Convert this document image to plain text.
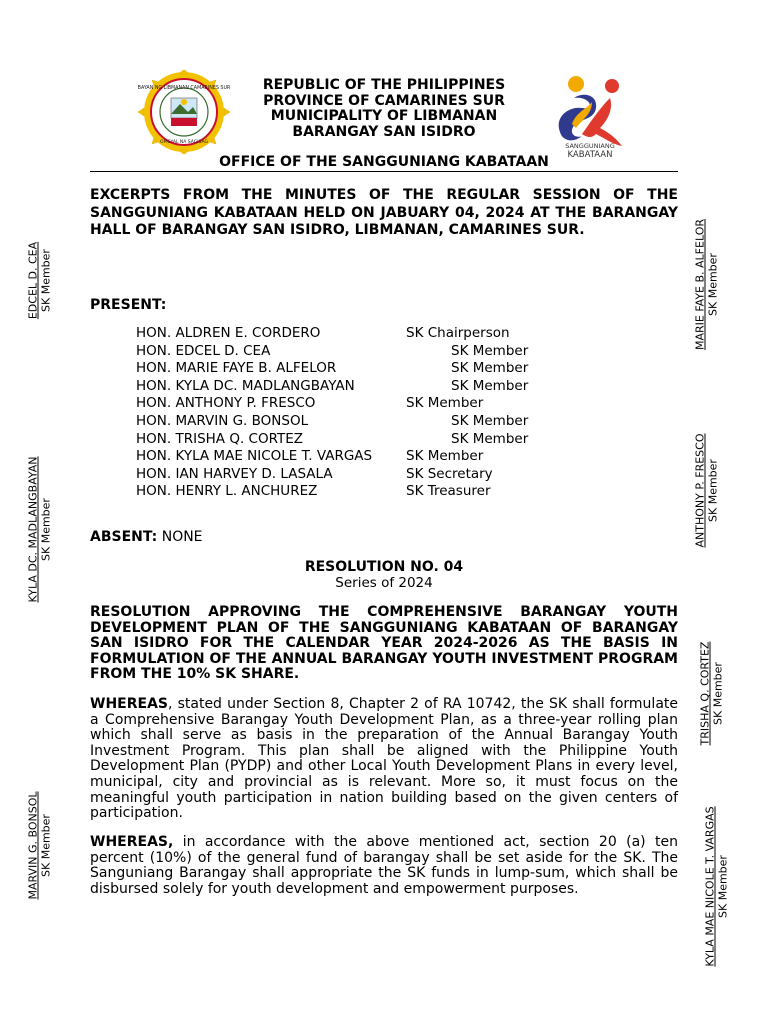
BAYAN NG LIBMANAN CAMARINES SUR
OPISYAL NA SAGISAG
REPUBLIC OF THE PHILIPPINES
PROVINCE OF CAMARINES SUR
MUNICIPALITY OF LIBMANAN
BARANGAY SAN ISIDRO
SANGGUNIANG
KABATAAN
OFFICE OF THE SANGGUNIANG KABATAAN
EXCERPTS FROM THE MINUTES OF THE REGULAR SESSION OF THE SANGGUNIANG KABATAAN HELD ON JABUARY 04, 2024 AT THE BARANGAY HALL OF BARANGAY SAN ISIDRO, LIBMANAN, CAMARINES SUR.
PRESENT:
HON. ALDREN E. CORDERO	SK Chairperson
HON. EDCEL D. CEA	SK Member
HON. MARIE FAYE B. ALFELOR	SK Member
HON. KYLA DC. MADLANGBAYAN	SK Member
HON. ANTHONY P. FRESCO	SK Member
HON. MARVIN G. BONSOL	SK Member
HON. TRISHA Q. CORTEZ	SK Member
HON. KYLA MAE NICOLE T. VARGAS	SK Member
HON. IAN HARVEY D. LASALA	SK Secretary
HON. HENRY L. ANCHUREZ	SK Treasurer
ABSENT: NONE
RESOLUTION NO. 04
Series of 2024
RESOLUTION APPROVING THE COMPREHENSIVE BARANGAY YOUTH DEVELOPMENT PLAN OF THE SANGGUNIANG KABATAAN OF BARANGAY SAN ISIDRO FOR THE CALENDAR YEAR 2024-2026 AS THE BASIS IN FORMULATION OF THE ANNUAL BARANGAY YOUTH INVESTMENT PROGRAM FROM THE 10% SK SHARE.
WHEREAS, stated under Section 8, Chapter 2 of RA 10742, the SK shall formulate a Comprehensive Barangay Youth Development Plan, as a three-year rolling plan which shall serve as basis in the preparation of the Annual Barangay Youth Investment Program. This plan shall be aligned with the Philippine Youth Development Plan (PYDP) and other Local Youth Development Plans in every level, municipal, city and provincial as is relevant. More so, it must focus on the meaningful youth participation in nation building based on the given centers of participation.
WHEREAS, in accordance with the above mentioned act, section 20 (a) ten percent (10%) of the general fund of barangay shall be set aside for the SK. The Sanguniang Barangay shall appropriate the SK funds in lump-sum, which shall be disbursed solely for youth development and empowerment purposes.
EDCEL D. CEA SK Member
KYLA DC. MADLANGBAYAN SK Member
MARVIN G. BONSOL SK Member
MARIE FAYE B. ALFELOR SK Member
ANTHONY P. FRESCO SK Member
TRISHA Q. CORTEZ SK Member
KYLA MAE NICOLE T. VARGAS SK Member
